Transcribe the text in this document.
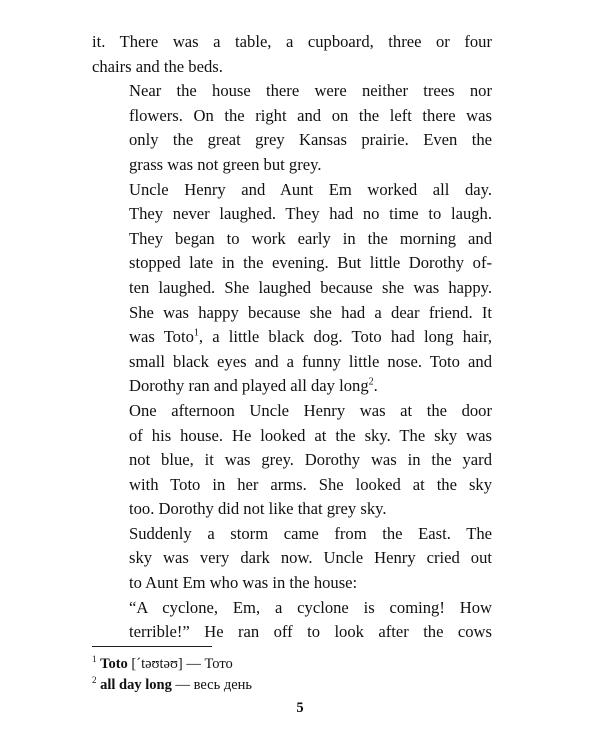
it. There was a table, a cupboard, three or four
chairs and the beds.

Near the house there were neither trees nor
flowers. On the right and on the left there was
only the great grey Kansas prairie. Even the
grass was not green but grey.

Uncle Henry and Aunt Em worked all day.
They never laughed. They had no time to laugh.
They began to work early in the morning and
stopped late in the evening. But little Dorothy of-
ten laughed. She laughed because she was happy.
She was happy because she had a dear friend. It
was Toto$^1$, a little black dog. Toto had long hair,
small black eyes and a funny little nose. Toto and
Dorothy ran and played all day long$^2$.

One afternoon Uncle Henry was at the door
of his house. He looked at the sky. The sky was
not blue, it was grey. Dorothy was in the yard
with Toto in her arms. She looked at the sky
too. Dorothy did not like that grey sky.

Suddenly a storm came from the East. The
sky was very dark now. Uncle Henry cried out
to Aunt Em who was in the house:

“A cyclone, Em, a cyclone is coming! How
terrible!” He ran off to look after the cows

$^1$ Toto [ˊtəʊtəʊ] — Тото
$^2$ all day long — весь день
5
